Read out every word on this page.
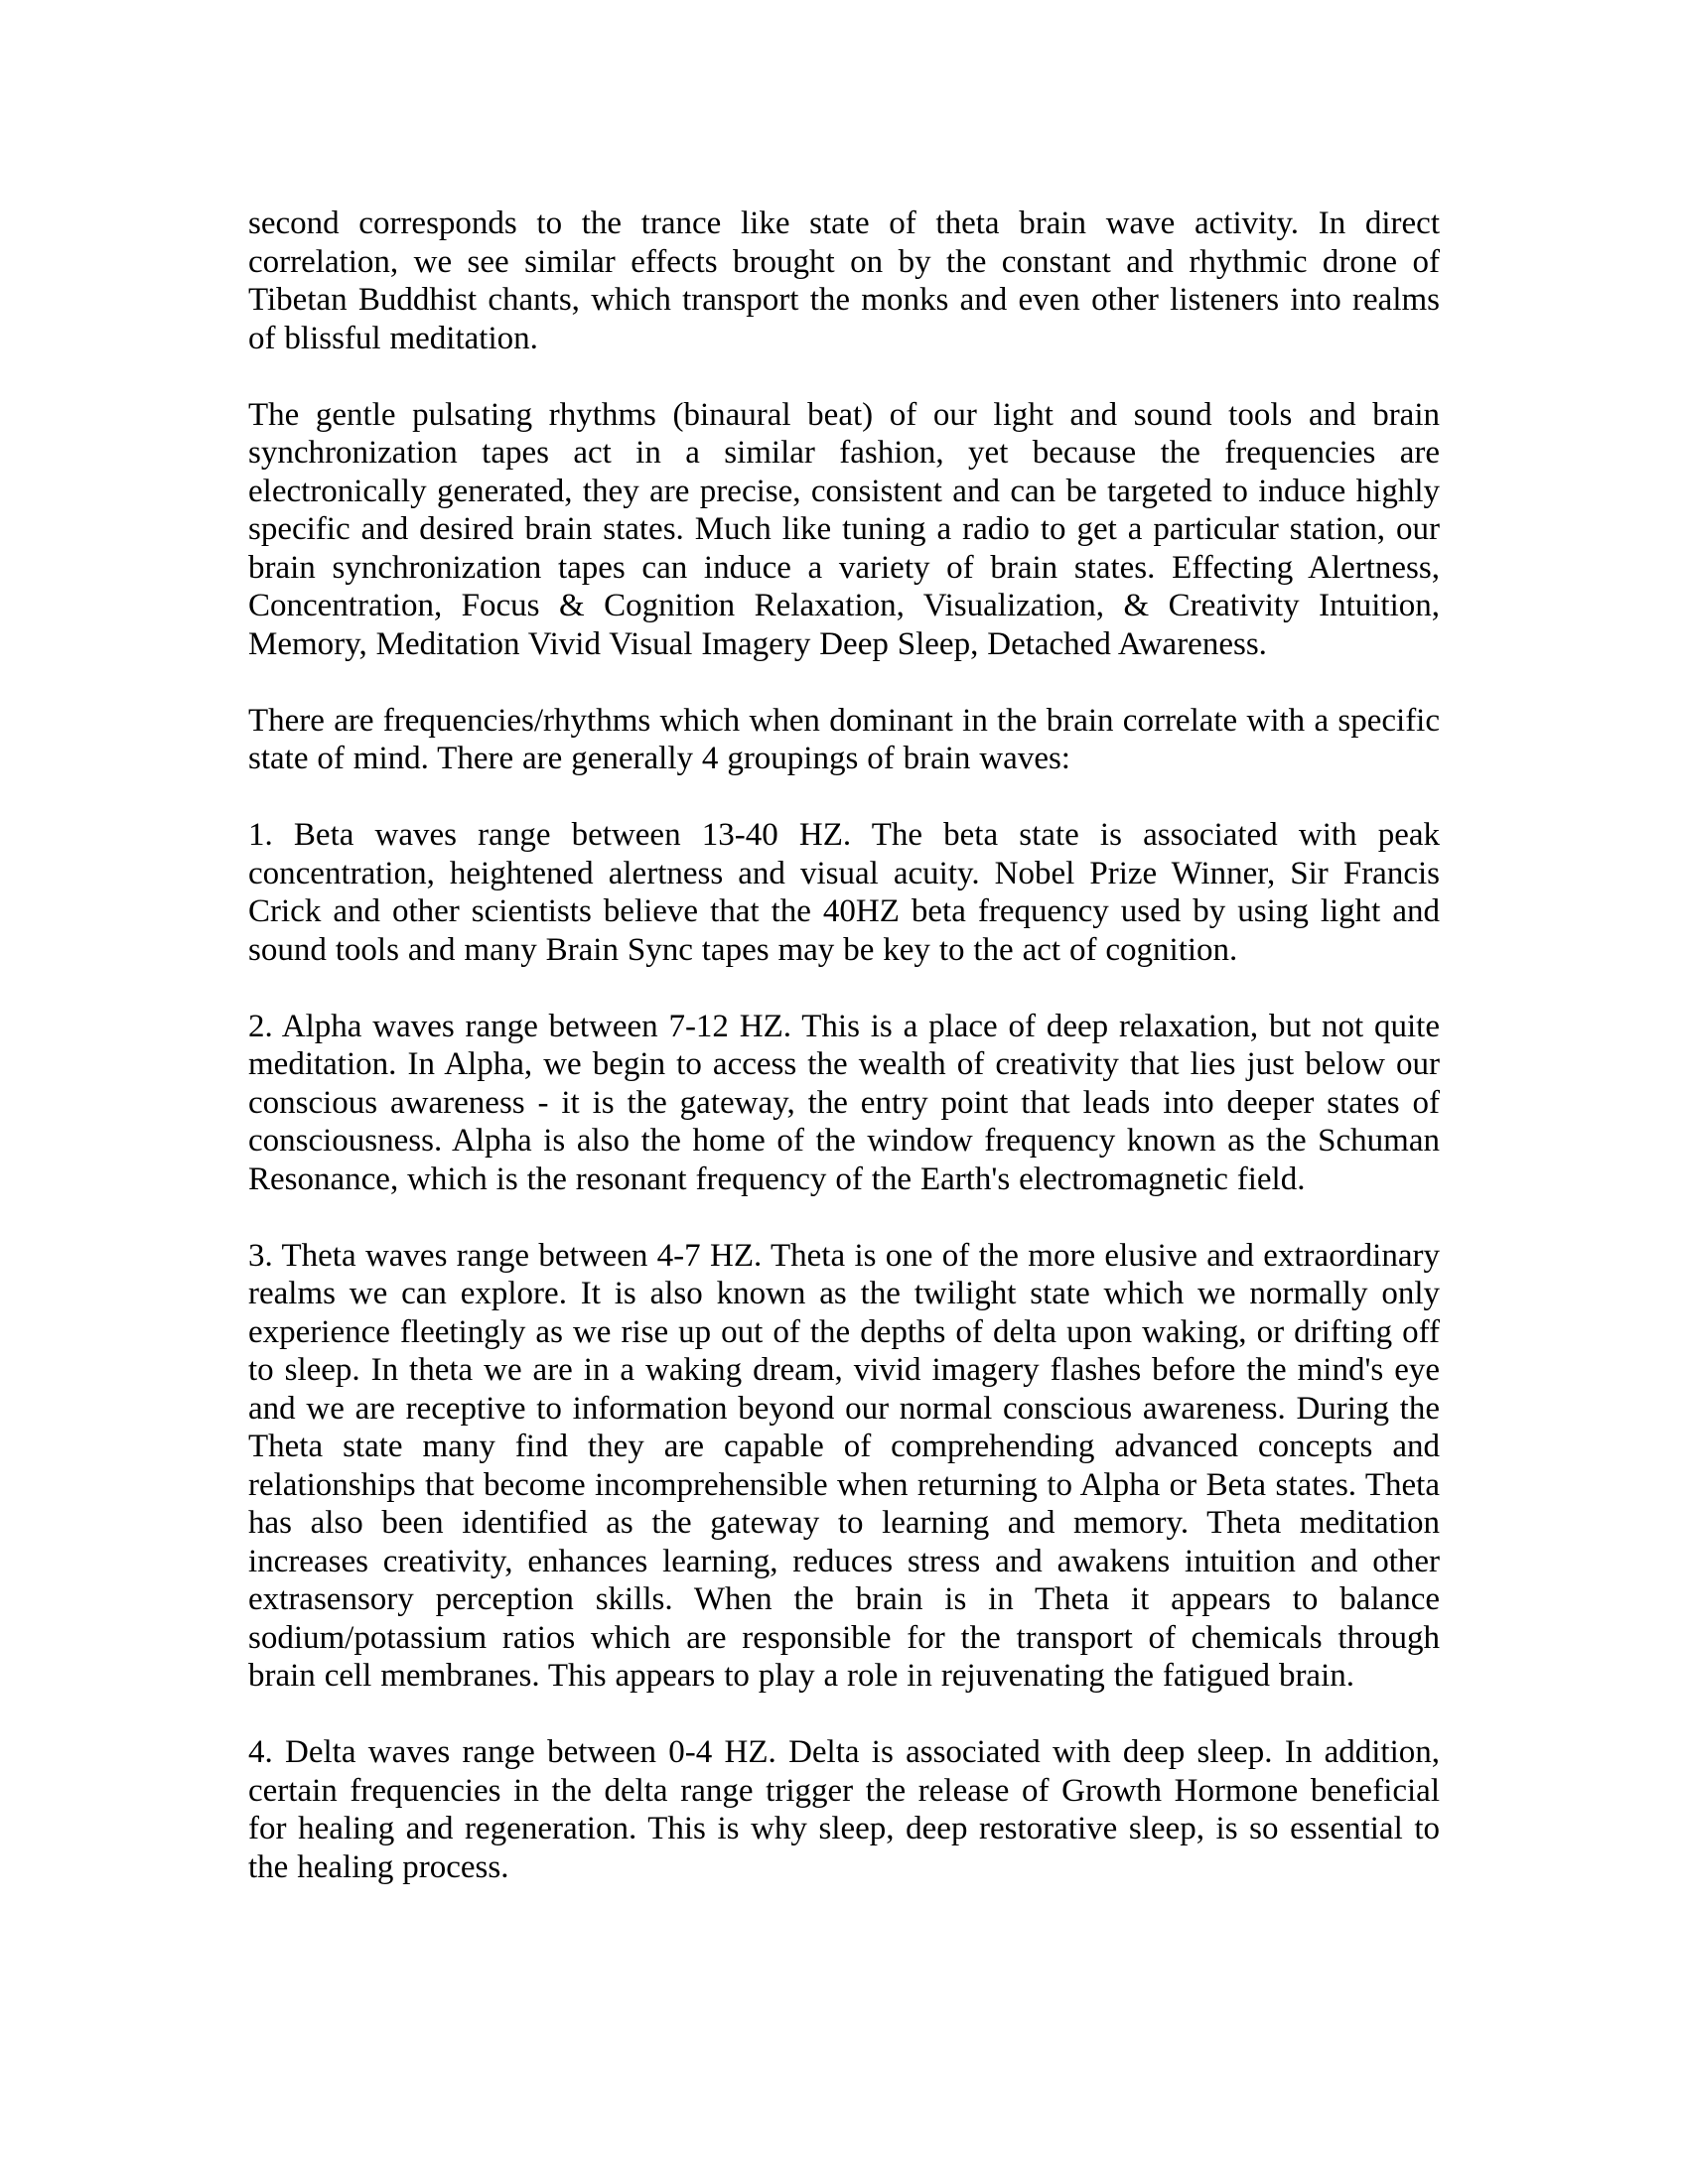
second corresponds to the trance like state of theta brain wave activity. In direct correlation, we see similar effects brought on by the constant and rhythmic drone of Tibetan Buddhist chants, which transport the monks and even other listeners into realms of blissful meditation.

The gentle pulsating rhythms (binaural beat) of our light and sound tools and brain synchronization tapes act in a similar fashion, yet because the frequencies are electronically generated, they are precise, consistent and can be targeted to induce highly specific and desired brain states. Much like tuning a radio to get a particular station, our brain synchronization tapes can induce a variety of brain states. Effecting Alertness, Concentration, Focus & Cognition Relaxation, Visualization, & Creativity Intuition, Memory, Meditation Vivid Visual Imagery Deep Sleep, Detached Awareness.

There are frequencies/rhythms which when dominant in the brain correlate with a specific state of mind. There are generally 4 groupings of brain waves:

1. Beta waves range between 13-40 HZ. The beta state is associated with peak concentration, heightened alertness and visual acuity. Nobel Prize Winner, Sir Francis Crick and other scientists believe that the 40HZ beta frequency used by using light and sound tools and many Brain Sync tapes may be key to the act of cognition.

2. Alpha waves range between 7-12 HZ. This is a place of deep relaxation, but not quite meditation. In Alpha, we begin to access the wealth of creativity that lies just below our conscious awareness - it is the gateway, the entry point that leads into deeper states of consciousness. Alpha is also the home of the window frequency known as the Schuman Resonance, which is the resonant frequency of the Earth's electromagnetic field.

3. Theta waves range between 4-7 HZ. Theta is one of the more elusive and extraordinary realms we can explore. It is also known as the twilight state which we normally only experience fleetingly as we rise up out of the depths of delta upon waking, or drifting off to sleep. In theta we are in a waking dream, vivid imagery flashes before the mind's eye and we are receptive to information beyond our normal conscious awareness. During the Theta state many find they are capable of comprehending advanced concepts and relationships that become incomprehensible when returning to Alpha or Beta states. Theta has also been identified as the gateway to learning and memory. Theta meditation increases creativity, enhances learning, reduces stress and awakens intuition and other extrasensory perception skills. When the brain is in Theta it appears to balance sodium/potassium ratios which are responsible for the transport of chemicals through brain cell membranes. This appears to play a role in rejuvenating the fatigued brain.

4. Delta waves range between 0-4 HZ. Delta is associated with deep sleep. In addition, certain frequencies in the delta range trigger the release of Growth Hormone beneficial for healing and regeneration. This is why sleep, deep restorative sleep, is so essential to the healing process.
